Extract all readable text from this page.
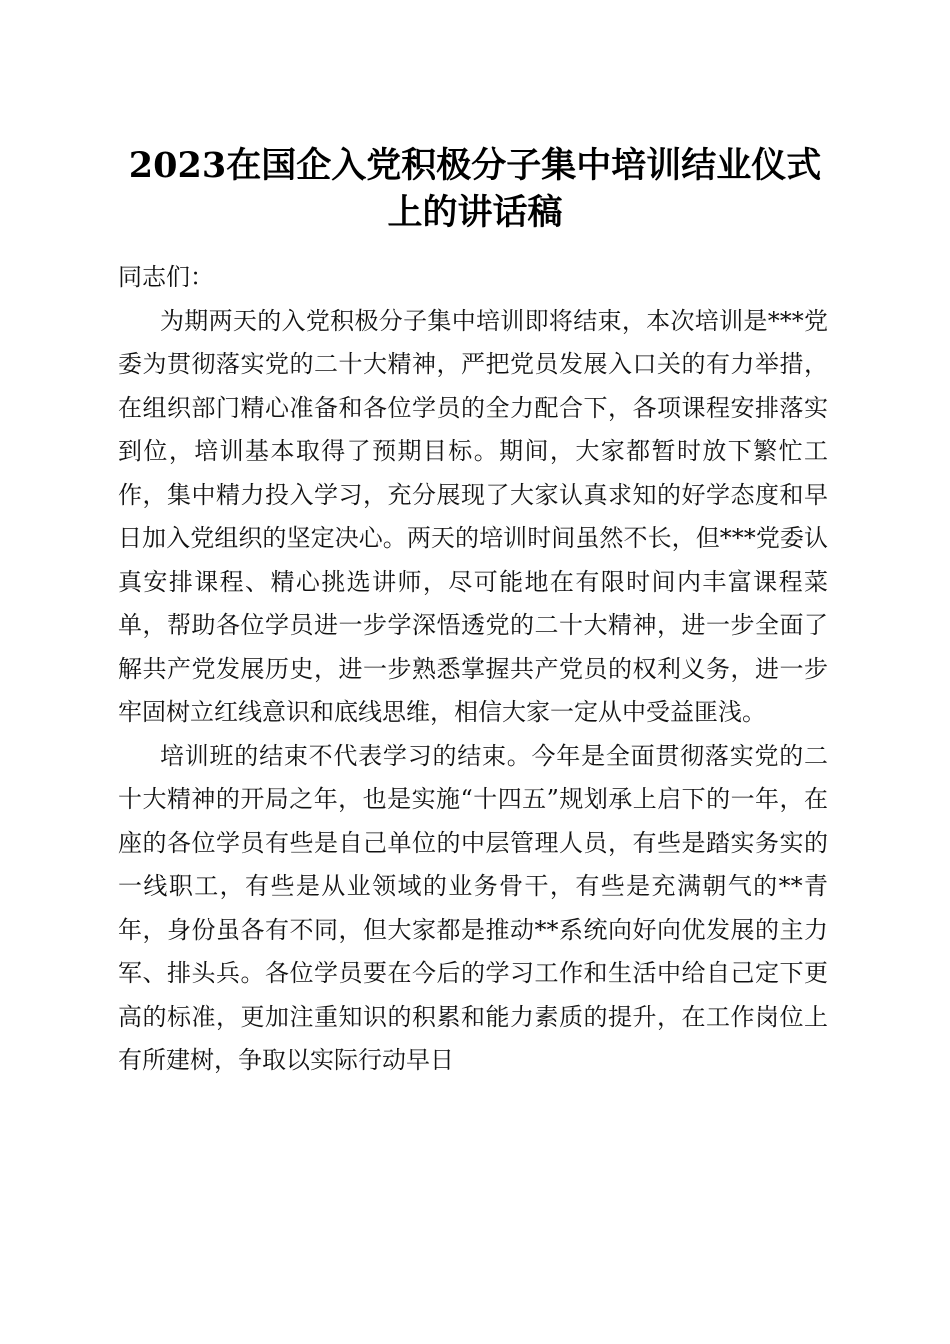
2023在国企入党积极分子集中培训结业仪式
上的讲话稿

同志们：

为期两天的入党积极分子集中培训即将结束，本次培训是***党委为贯彻落实党的二十大精神，严把党员发展入口关的有力举措，在组织部门精心准备和各位学员的全力配合下，各项课程安排落实到位，培训基本取得了预期目标。期间，大家都暂时放下繁忙工作，集中精力投入学习，充分展现了大家认真求知的好学态度和早日加入党组织的坚定决心。两天的培训时间虽然不长，但***党委认真安排课程、精心挑选讲师，尽可能地在有限时间内丰富课程菜单，帮助各位学员进一步学深悟透党的二十大精神，进一步全面了解共产党发展历史，进一步熟悉掌握共产党员的权利义务，进一步牢固树立红线意识和底线思维，相信大家一定从中受益匪浅。

培训班的结束不代表学习的结束。今年是全面贯彻落实党的二十大精神的开局之年，也是实施“十四五”规划承上启下的一年，在座的各位学员有些是自己单位的中层管理人员，有些是踏实务实的一线职工，有些是从业领域的业务骨干，有些是充满朝气的**青年，身份虽各有不同，但大家都是推动**系统向好向优发展的主力军、排头兵。各位学员要在今后的学习工作和生活中给自己定下更高的标准，更加注重知识的积累和能力素质的提升，在工作岗位上有所建树，争取以实际行动早日
